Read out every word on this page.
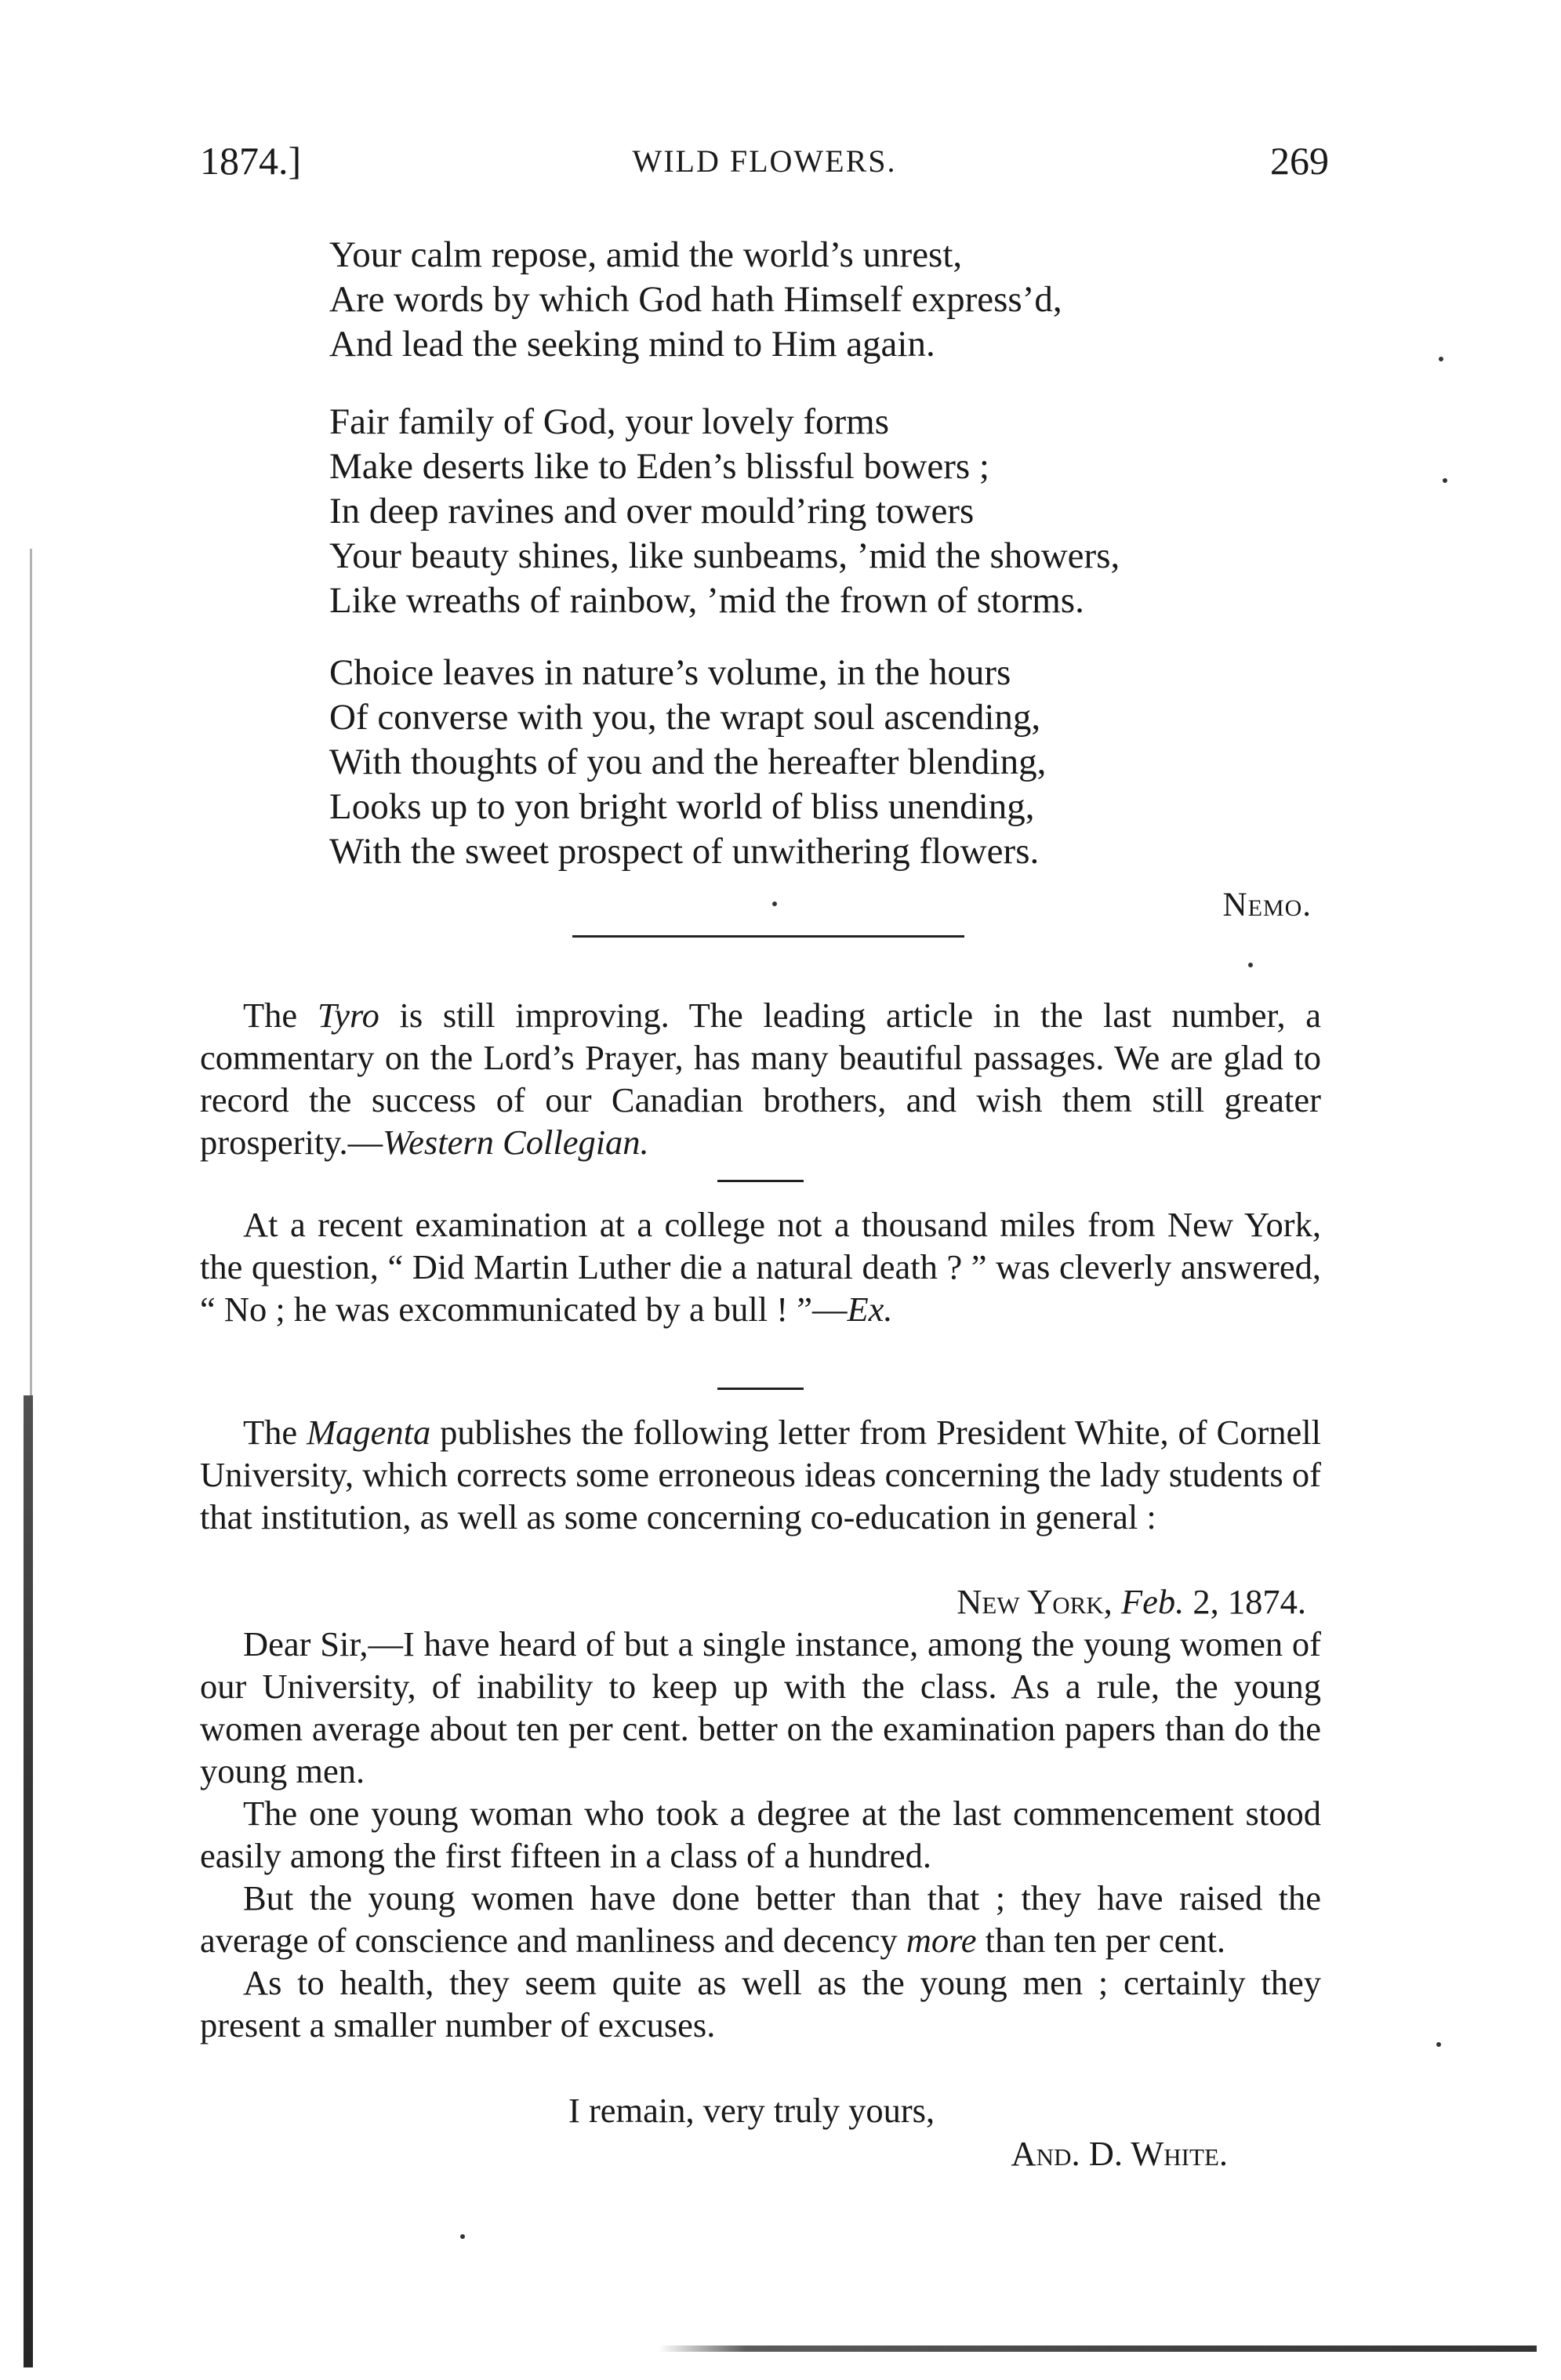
1874.]	WILD FLOWERS.	269
Your calm repose, amid the world’s unrest,
Are words by which God hath Himself express’d,
And lead the seeking mind to Him again.
Fair family of God, your lovely forms
Make deserts like to Eden’s blissful bowers ;
In deep ravines and over mould’ring towers
Your beauty shines, like sunbeams, ’mid the showers,
Like wreaths of rainbow, ’mid the frown of storms.
Choice leaves in nature’s volume, in the hours
Of converse with you, the wrapt soul ascending,
With thoughts of you and the hereafter blending,
Looks up to yon bright world of bliss unending,
With the sweet prospect of unwithering flowers.
Nemo.

The Tyro is still improving. The leading article in the last number, a commentary on the Lord’s Prayer, has many beautiful passages. We are glad to record the success of our Canadian brothers, and wish them still greater prosperity.—Western Collegian.

At a recent examination at a college not a thousand miles from New York, the question, “ Did Martin Luther die a natural death ? ” was cleverly answered, “ No ; he was excommunicated by a bull ! ”—Ex.

The Magenta publishes the following letter from President White, of Cornell University, which corrects some erroneous ideas concerning the lady students of that institution, as well as some concerning co-education in general :

New York, Feb. 2, 1874.

Dear Sir,—I have heard of but a single instance, among the young women of our University, of inability to keep up with the class. As a rule, the young women average about ten per cent. better on the examination papers than do the young men.

The one young woman who took a degree at the last commencement stood easily among the first fifteen in a class of a hundred.

But the young women have done better than that ; they have raised the average of conscience and manliness and decency more than ten per cent.

As to health, they seem quite as well as the young men ; certainly they present a smaller number of excuses.

I remain, very truly yours,
And. D. White.
